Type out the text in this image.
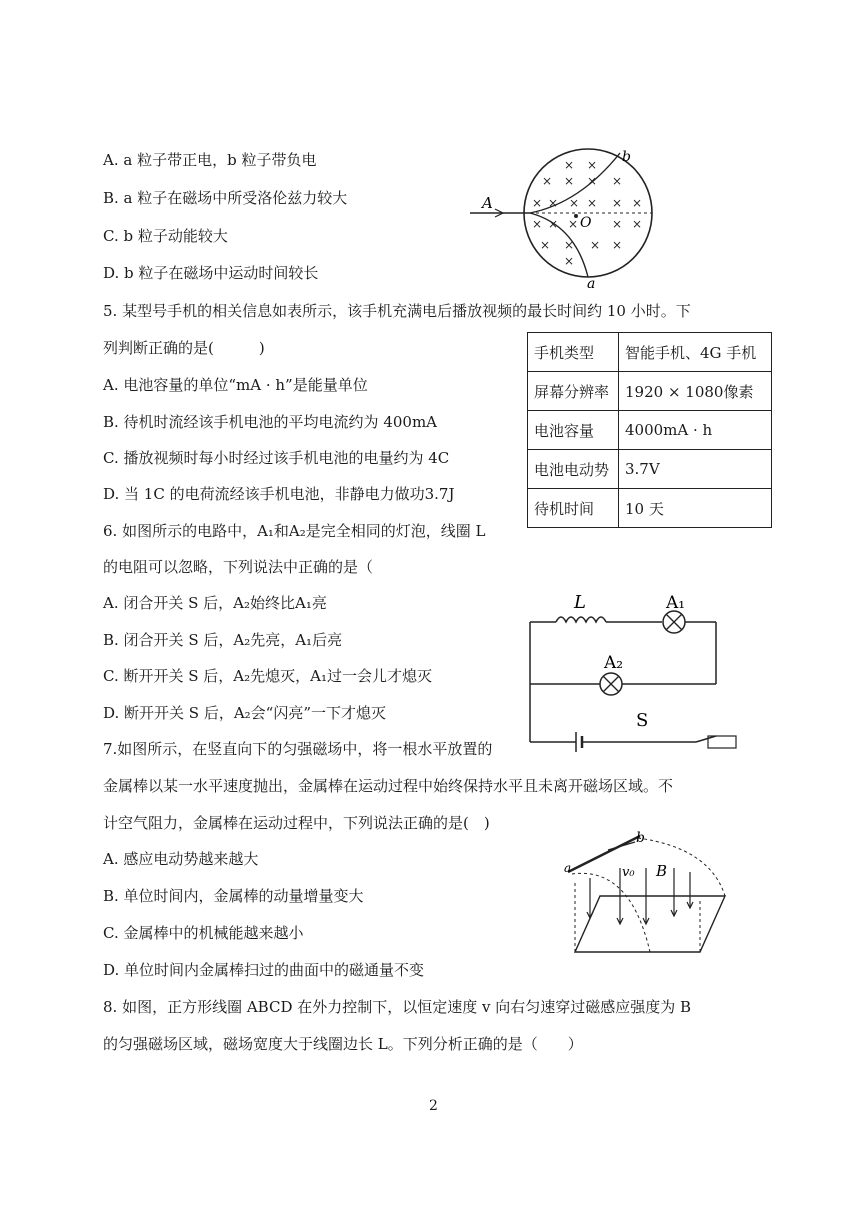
A. a 粒子带正电，b 粒子带负电
B. a 粒子在磁场中所受洛伦兹力较大
C. b 粒子动能较大
D. b 粒子在磁场中运动时间较长
× ×
× × × ×
× × × × × ×
× × ×	× ×
× × × ×
×
A
O
b
a
5. 某型号手机的相关信息如表所示，该手机充满电后播放视频的最长时间约 10 小时。下
列判断正确的是(　　　)
A. 电池容量的单位“mA · h”是能量单位
B. 待机时流经该手机电池的平均电流约为 400mA
C. 播放视频时每小时经过该手机电池的电量约为 4C
D. 当 1C 的电荷流经该手机电池，非静电力做功3.7J
手机类型	智能手机、4G 手机
屏幕分辨率	1920 × 1080像素
电池容量	4000mA · h
电池电动势	3.7V
待机时间	10 天
6. 如图所示的电路中，A₁和A₂是完全相同的灯泡，线圈 L
的电阻可以忽略，下列说法中正确的是（
A. 闭合开关 S 后，A₂始终比A₁亮
B. 闭合开关 S 后，A₂先亮，A₁后亮
C. 断开开关 S 后，A₂先熄灭，A₁过一会儿才熄灭
D. 断开开关 S 后，A₂会“闪亮”一下才熄灭
L	A₁
A₂
S
7.如图所示，在竖直向下的匀强磁场中，将一根水平放置的
金属棒以某一水平速度抛出，金属棒在运动过程中始终保持水平且未离开磁场区域。不
计空气阻力，金属棒在运动过程中，下列说法正确的是(　)
A. 感应电动势越来越大
B. 单位时间内，金属棒的动量增量变大
C. 金属棒中的机械能越来越小
D. 单位时间内金属棒扫过的曲面中的磁通量不变
a
b
v₀ B
8. 如图，正方形线圈 ABCD 在外力控制下，以恒定速度 v 向右匀速穿过磁感应强度为 B
的匀强磁场区域，磁场宽度大于线圈边长 L。下列分析正确的是（　　）
2
